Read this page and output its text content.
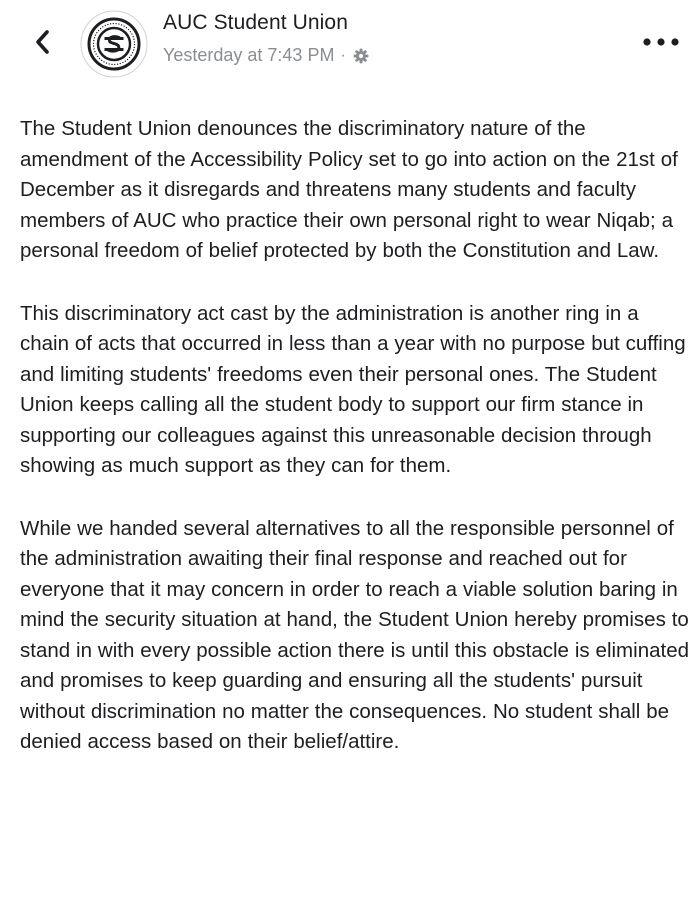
AUC Student Union
Yesterday at 7:43 PM ·

The Student Union denounces the discriminatory nature of the amendment of the Accessibility Policy set to go into action on the 21st of December as it disregards and threatens many students and faculty members of AUC who practice their own personal right to wear Niqab; a personal freedom of belief protected by both the Constitution and Law.

This discriminatory act cast by the administration is another ring in a chain of acts that occurred in less than a year with no purpose but cuffing and limiting students' freedoms even their personal ones. The Student Union keeps calling all the student body to support our firm stance in supporting our colleagues against this unreasonable decision through showing as much support as they can for them.

While we handed several alternatives to all the responsible personnel of the administration awaiting their final response and reached out for everyone that it may concern in order to reach a viable solution baring in mind the security situation at hand, the Student Union hereby promises to stand in with every possible action there is until this obstacle is eliminated and promises to keep guarding and ensuring all the students' pursuit without discrimination no matter the consequences. No student shall be denied access based on their belief/attire.
